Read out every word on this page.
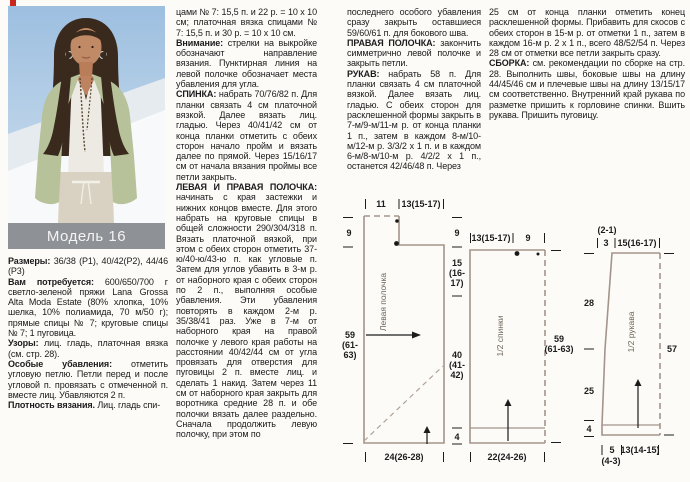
Модель 16

Размеры: 36/38 (Р1), 40/42(Р2), 44/46 (Р3)

Вам потребуется: 600/650/700 г светло-зеленой пряжи Lana Grossa Alta Moda Estate (80% хлопка, 10% шелка, 10% полиамида, 70 м/50 г); прямые спицы № 7; круговые спицы № 7; 1 пуговица.

Узоры: лиц. гладь, платочная вязка (см. стр. 28).

Особые убавления: отметить угловую петлю. Петли перед и после угловой п. провязать с отмеченной п. вместе лиц. Убавляются 2 п.

Плотность вязания. Лиц. гладь спи-

цами № 7: 15,5 п. и 22 р. = 10 х 10 см; платочная вязка спицами № 7: 15,5 п. и 30 р. = 10 х 10 см.

Внимание: стрелки на выкройке обозначают направление вязания. Пунктирная линия на левой полочке обозначает места убавления для угла.

СПИНКА: набрать 70/76/82 п. Для планки связать 4 см платочной вязкой. Далее вязать лиц. гладью. Через 40/41/42 см от конца планки отметить с обеих сторон начало пройм и вязать далее по прямой. Через 15/16/17 см от начала вязания проймы все петли закрыть.

ЛЕВАЯ И ПРАВАЯ ПОЛОЧКА: начинать с края застежки и нижних концов вместе. Для этого набрать на круговые спицы в общей сложности 290/304/318 п. Вязать платочной вязкой, при этом с обеих сторон отметить 37-ю/40-ю/43-ю п. как угловые п. Затем для углов убавить в 3-м р. от наборного края с обеих сторон по 2 п., выполняя особые убавления. Эти убавления повторять в каждом 2-м р. 35/38/41 раз. Уже в 7-м от наборного края на правой полочке у левого края работы на расстоянии 40/42/44 см от угла провязать для отверстия для пуговицы 2 п. вместе лиц. и сделать 1 накид. Затем через 11 см от наборного края закрыть для воротника средние 28 п. и обе полочки вязать далее раздельно. Сначала продолжить левую полочку, при этом по

последнего особого убавления сразу закрыть оставшиеся 59/60/61 п. для бокового шва.

ПРАВАЯ ПОЛОЧКА: закончить симметрично левой полочке и закрыть петли.

РУКАВ: набрать 58 п. Для планки связать 4 см платочной вязкой. Далее вязать лиц. гладью. С обеих сторон для расклешенной формы закрыть в 7-м/9-м/11-м р. от конца планки 1 п., затем в каждом 8-м/10-м/12-м р. 3/3/2 х 1 п. и в каждом 6-м/8-м/10-м р. 4/2/2 х 1 п., останется 42/46/48 п. Через

25 см от конца планки отметить конец расклешенной формы. Прибавить для скосов с обеих сторон в 15-м р. от отметки 1 п., затем в каждом 16-м р. 2 х 1 п., всего 48/52/54 п. Через 28 см от отметки все петли закрыть сразу.

СБОРКА: см. рекомендации по сборке на стр. 28. Выполнить швы, боковые швы на длину 44/45/46 см и плечевые швы на длину 13/15/17 см соответственно. Внутренний край рукава по разметке пришить к горловине спинки. Вшить рукава. Пришить пуговицу.

11 13(15-17)
9
59
(61-
63)
9
15
(16-
17)
40
(41-
42)
4
24(26-28)
Левая полочка
13(15-17) 9
59
(61-63)
22(24-26)
1/2 спинки
(2-1)
3 15(16-17)
28
25
4
57
5 13(14-15)
(4-3)
1/2 рукава
